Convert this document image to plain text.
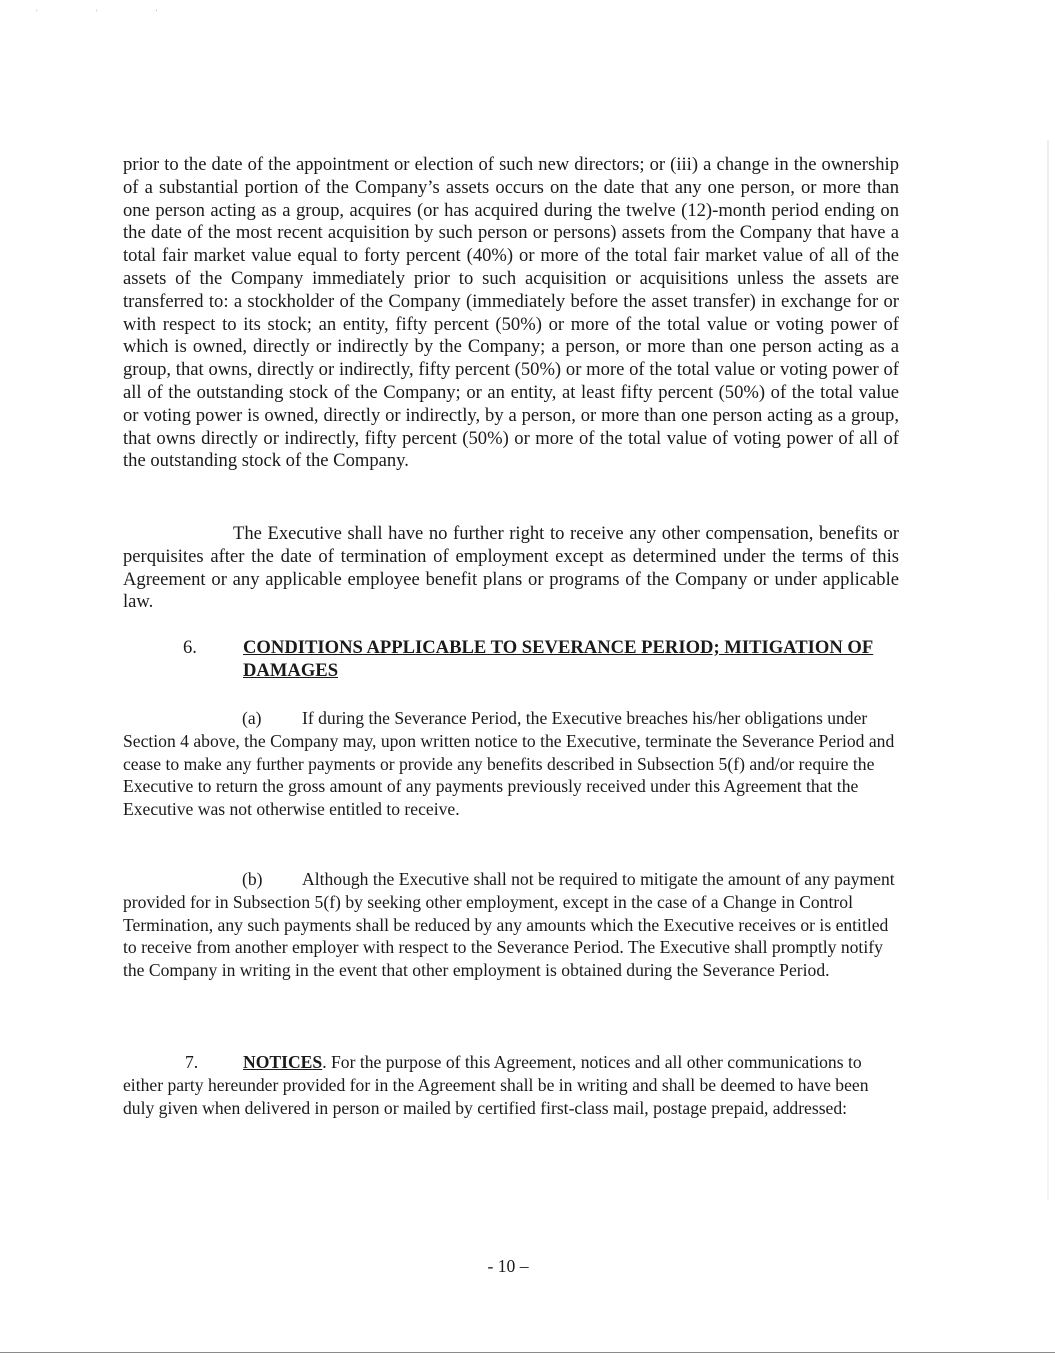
' ' '

prior to the date of the appointment or election of such new directors; or (iii) a change in the ownership of a substantial portion of the Company’s assets occurs on the date that any one person, or more than one person acting as a group, acquires (or has acquired during the twelve (12)-month period ending on the date of the most recent acquisition by such person or persons) assets from the Company that have a total fair market value equal to forty percent (40%) or more of the total fair market value of all of the assets of the Company immediately prior to such acquisition or acquisitions unless the assets are transferred to: a stockholder of the Company (immediately before the asset transfer) in exchange for or with respect to its stock; an entity, fifty percent (50%) or more of the total value or voting power of which is owned, directly or indirectly by the Company; a person, or more than one person acting as a group, that owns, directly or indirectly, fifty percent (50%) or more of the total value or voting power of all of the outstanding stock of the Company; or an entity, at least fifty percent (50%) of the total value or voting power is owned, directly or indirectly, by a person, or more than one person acting as a group, that owns directly or indirectly, fifty percent (50%) or more of the total value of voting power of all of the outstanding stock of the Company.

The Executive shall have no further right to receive any other compensation, benefits or perquisites after the date of termination of employment except as determined under the terms of this Agreement or any applicable employee benefit plans or programs of the Company or under applicable law.

6. CONDITIONS APPLICABLE TO SEVERANCE PERIOD; MITIGATION OF DAMAGES

(a) If during the Severance Period, the Executive breaches his/her obligations under Section 4 above, the Company may, upon written notice to the Executive, terminate the Severance Period and cease to make any further payments or provide any benefits described in Subsection 5(f) and/or require the Executive to return the gross amount of any payments previously received under this Agreement that the Executive was not otherwise entitled to receive.

(b) Although the Executive shall not be required to mitigate the amount of any payment provided for in Subsection 5(f) by seeking other employment, except in the case of a Change in Control Termination, any such payments shall be reduced by any amounts which the Executive receives or is entitled to receive from another employer with respect to the Severance Period. The Executive shall promptly notify the Company in writing in the event that other employment is obtained during the Severance Period.

7.	NOTICES. For the purpose of this Agreement, notices and all other communications to either party hereunder provided for in the Agreement shall be in writing and shall be deemed to have been duly given when delivered in person or mailed by certified first-class mail, postage prepaid, addressed:

- 10 –
